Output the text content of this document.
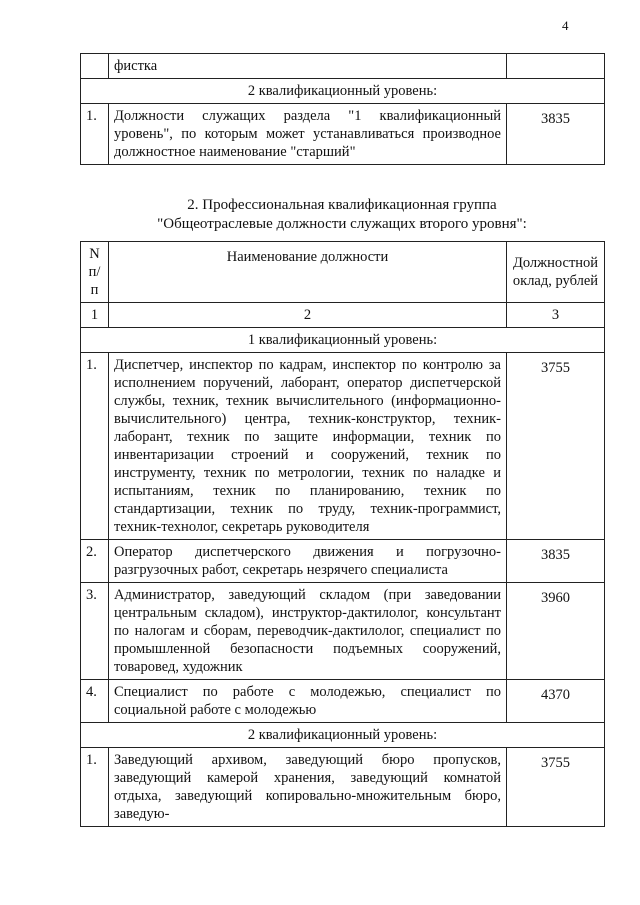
4
	фистка	
2 квалификационный уровень:		
1.	Должности служащих раздела "1 квалификационный уровень", по которым может устанавливаться производное должностное наименование "старший"	3835
2. Профессиональная квалификационная группа
"Общеотраслевые должности служащих второго уровня":
N п/п	Наименование должности	Должностной оклад, рублей
1	2	3
1 квалификационный уровень:		
1.	Диспетчер, инспектор по кадрам, инспектор по контролю за исполнением поручений, лаборант, оператор диспетчерской службы, техник, техник вычислительного (информационно-вычислительного) центра, техник-конструктор, техник-лаборант, техник по защите информации, техник по инвентаризации строений и сооружений, техник по инструменту, техник по метрологии, техник по наладке и испытаниям, техник по планированию, техник по стандартизации, техник по труду, техник-программист, техник-технолог, секретарь руководителя	3755
2.	Оператор диспетчерского движения и погрузочно-разгрузочных работ, секретарь незрячего специалиста	3835
3.	Администратор, заведующий складом (при заведовании центральным складом), инструктор-дактилолог, консультант по налогам и сборам, переводчик-дактилолог, специалист по промышленной безопасности подъемных сооружений, товаровед, художник	3960
4.	Специалист по работе с молодежью, специалист по социальной работе с молодежью	4370
2 квалификационный уровень:		
1.	Заведующий архивом, заведующий бюро пропусков, заведующий камерой хранения, заведующий комнатой отдыха, заведующий копировально-множительным бюро, заведую-	3755
